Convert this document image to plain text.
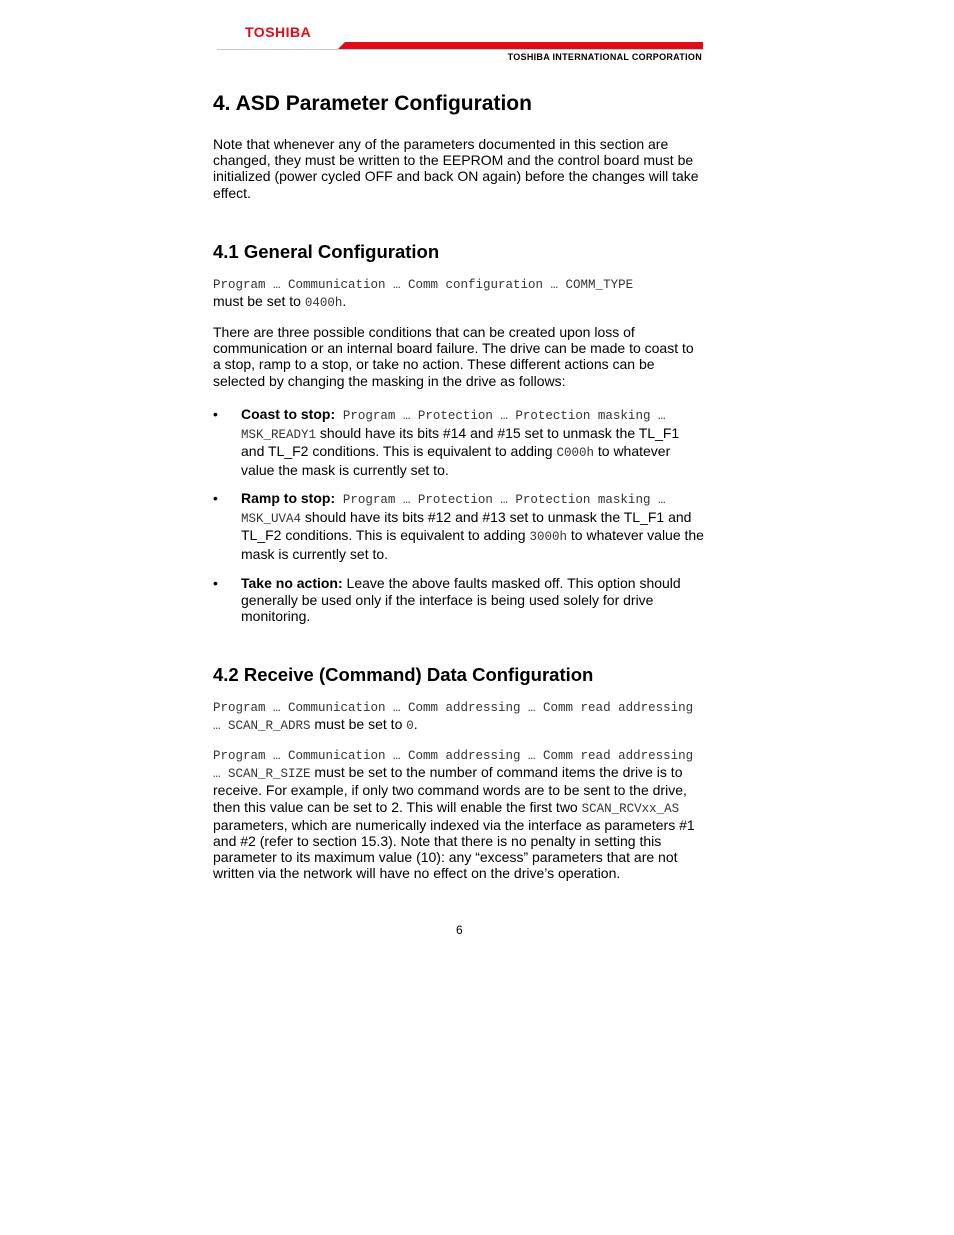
TOSHIBA
TOSHIBA INTERNATIONAL CORPORATION
4. ASD Parameter Configuration

Note that whenever any of the parameters documented in this section are changed, they must be written to the EEPROM and the control board must be initialized (power cycled OFF and back ON again) before the changes will take effect.

4.1 General Configuration

Program … Communication … Comm configuration … COMM_TYPE
must be set to 0400h.

There are three possible conditions that can be created upon loss of communication or an internal board failure. The drive can be made to coast to a stop, ramp to a stop, or take no action. These different actions can be selected by changing the masking in the drive as follows:

•	Coast to stop: Program … Protection … Protection masking … MSK_READY1 should have its bits #14 and #15 set to unmask the TL_F1 and TL_F2 conditions. This is equivalent to adding C000h to whatever value the mask is currently set to.
•	Ramp to stop: Program … Protection … Protection masking … MSK_UVA4 should have its bits #12 and #13 set to unmask the TL_F1 and TL_F2 conditions. This is equivalent to adding 3000h to whatever value the mask is currently set to.
•	Take no action: Leave the above faults masked off. This option should generally be used only if the interface is being used solely for drive monitoring.
4.2 Receive (Command) Data Configuration

Program … Communication … Comm addressing … Comm read addressing … SCAN_R_ADRS must be set to 0.

Program … Communication … Comm addressing … Comm read addressing … SCAN_R_SIZE must be set to the number of command items the drive is to receive. For example, if only two command words are to be sent to the drive, then this value can be set to 2. This will enable the first two SCAN_RCVxx_AS parameters, which are numerically indexed via the interface as parameters #1 and #2 (refer to section 15.3). Note that there is no penalty in setting this parameter to its maximum value (10): any “excess” parameters that are not written via the network will have no effect on the drive’s operation.

6
